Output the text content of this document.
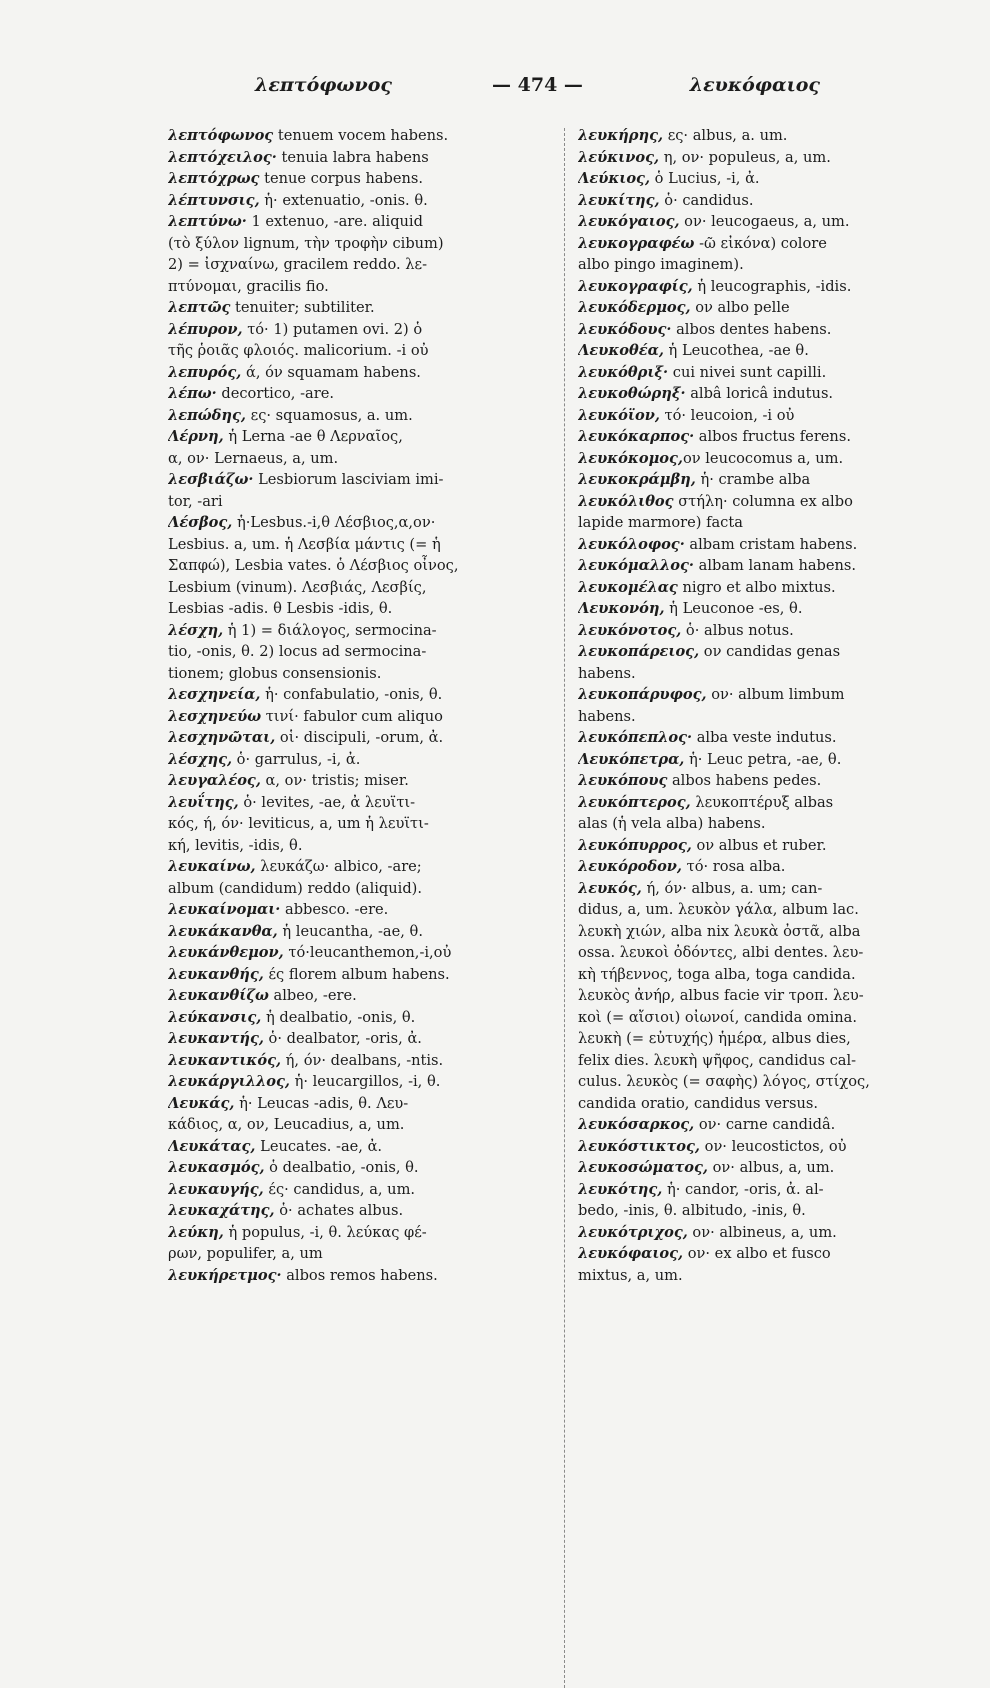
λεπτόφωνος	— 474 —	λευκόφαιος
λεπτόφωνος tenuem vocem habens.
λεπτόχειλος· tenuia labra habens
λεπτόχρως tenue corpus habens.
λέπτυνσις, ἡ· extenuatio, -onis. θ.
λεπτύνω· 1 extenuo, -are. aliquid
(τὸ ξύλον lignum, τὴν τροφὴν cibum)
2) = ἰσχναίνω, gracilem reddo. λε-
πτύνομαι, gracilis fio.
λεπτῶς tenuiter; subtiliter.
λέπυρον, τό· 1) putamen ovi. 2) ὁ
τῆς ῥοιᾶς φλοιός. malicorium. -i οὐ
λεπυρός, ά, όν squamam habens.
λέπω· decortico, -are.
λεπώδης, ες· squamosus, a. um.
Λέρνη, ἡ Lerna -ae θ Λερναῖος,
α, ον· Lernaeus, a, um.
λεσβιάζω· Lesbiorum lasciviam imi-
tor, -ari
Λέσβος, ἡ·Lesbus.-i,θ Λέσβιος,α,ον·
Lesbius. a, um. ἡ Λεσβία μάντις (= ἡ
Σαπφώ), Lesbia vates. ὁ Λέσβιος οἶνος,
Lesbium (vinum). Λεσβιάς, Λεσβίς,
Lesbias -adis. θ Lesbis -idis, θ.
λέσχη, ἡ 1) = διάλογος, sermocina-
tio, -onis, θ. 2) locus ad sermocina-
tionem; globus consensionis.
λεσχηνεία, ἡ· confabulatio, -onis, θ.
λεσχηνεύω τινί· fabulor cum aliquo
λεσχηνῶται, οἱ· discipuli, -orum, ἀ.
λέσχης, ὁ· garrulus, -i, ἀ.
λευγαλέος, α, ον· tristis; miser.
λευΐτης, ὁ· levites, -ae, ἀ λευϊτι-
κός, ή, όν· leviticus, a, um ἡ λευϊτι-
κή, levitis, -idis, θ.
λευκαίνω, λευκάζω· albico, -are;
album (candidum) reddo (aliquid).
λευκαίνομαι· abbesco. -ere.
λευκάκανθα, ἡ leucantha, -ae, θ.
λευκάνθεμον, τό·leucanthemon,-i,οὐ
λευκανθής, ές florem album habens.
λευκανθίζω albeo, -ere.
λεύκανσις, ἡ dealbatio, -onis, θ.
λευκαντής, ὁ· dealbator, -oris, ἀ.
λευκαντικός, ή, όν· dealbans, -ntis.
λευκάργιλλος, ἡ· leucargillos, -i, θ.
Λευκάς, ἡ· Leucas -adis, θ. Λευ-
κάδιος, α, ον, Leucadius, a, um.
Λευκάτας, Leucates. -ae, ἀ.
λευκασμός, ὁ dealbatio, -onis, θ.
λευκαυγής, ές· candidus, a, um.
λευκαχάτης, ὁ· achates albus.
λεύκη, ἡ populus, -i, θ. λεύκας φέ-
ρων, populifer, a, um
λευκήρετμος· albos remos habens.
λευκήρης, ες· albus, a. um.
λεύκινος, η, ον· populeus, a, um.
Λεύκιος, ὁ Lucius, -i, ἀ.
λευκίτης, ὁ· candidus.
λευκόγαιος, ον· leucogaeus, a, um.
λευκογραφέω -ῶ εἰκόνα) colore
albo pingo imaginem).
λευκογραφίς, ἡ leucographis, -idis.
λευκόδερμος, ον albo pelle
λευκόδους· albos dentes habens.
Λευκοθέα, ἡ Leucothea, -ae θ.
λευκόθριξ· cui nivei sunt capilli.
λευκοθώρηξ· albâ loricâ indutus.
λευκόϊον, τό· leucoion, -i οὐ
λευκόκαρπος· albos fructus ferens.
λευκόκομος,ον leucocomus a, um.
λευκοκράμβη, ἡ· crambe alba
λευκόλιθος στήλη· columna ex albo
lapide marmore) facta
λευκόλοφος· albam cristam habens.
λευκόμαλλος· albam lanam habens.
λευκομέλας nigro et albo mixtus.
Λευκονόη, ἡ Leuconoe -es, θ.
λευκόνοτος, ὁ· albus notus.
λευκοπάρειος, ον candidas genas
habens.
λευκοπάρυφος, ον· album limbum
habens.
λευκόπεπλος· alba veste indutus.
Λευκόπετρα, ἡ· Leuc petra, -ae, θ.
λευκόπους albos habens pedes.
λευκόπτερος, λευκοπτέρυξ albas
alas (ἡ vela alba) habens.
λευκόπυρρος, ον albus et ruber.
λευκόροδον, τό· rosa alba.
λευκός, ή, όν· albus, a. um; can-
didus, a, um. λευκὸν γάλα, album lac.
λευκὴ χιών, alba nix λευκὰ ὀστᾶ, alba
ossa. λευκοὶ ὀδόντες, albi dentes. λευ-
κὴ τήβεννος, toga alba, toga candida.
λευκὸς ἀνήρ, albus facie vir τροπ. λευ-
κοὶ (= αἴσιοι) οἰωνοί, candida omina.
λευκὴ (= εὐτυχής) ἡμέρα, albus dies,
felix dies. λευκὴ ψῆφος, candidus cal-
culus. λευκὸς (= σαφὴς) λόγος, στίχος,
candida oratio, candidus versus.
λευκόσαρκος, ον· carne candidâ.
λευκόστικτος, ον· leucostictos, οὐ
λευκοσώματος, ον· albus, a, um.
λευκότης, ἡ· candor, -oris, ἀ. al-
bedo, -inis, θ. albitudo, -inis, θ.
λευκότριχος, ον· albineus, a, um.
λευκόφαιος, ον· ex albo et fusco
mixtus, a, um.
